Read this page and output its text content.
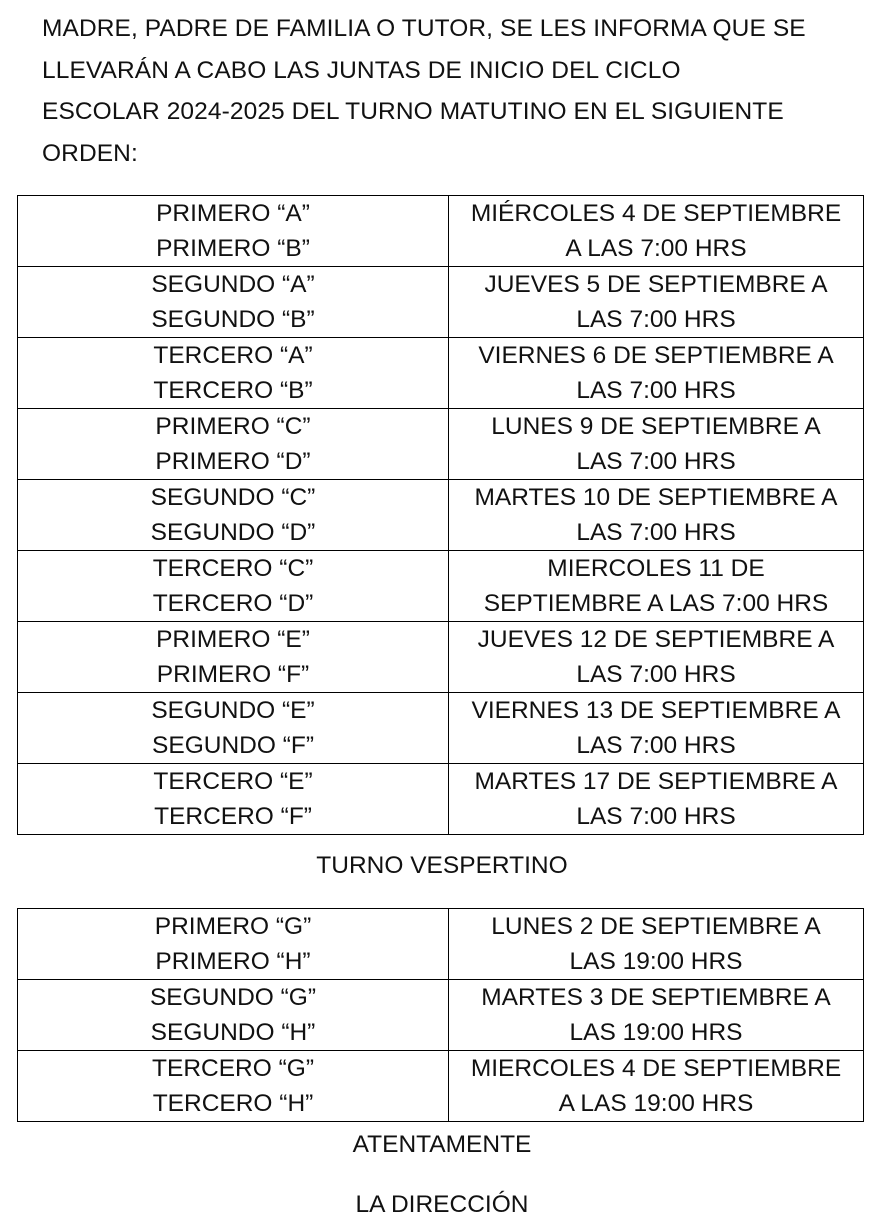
MADRE, PADRE DE FAMILIA O TUTOR, SE LES INFORMA QUE SE
LLEVARÁN A CABO LAS JUNTAS DE INICIO DEL CICLO
ESCOLAR 2024-2025 DEL TURNO MATUTINO EN EL SIGUIENTE
ORDEN:

PRIMERO “A”
PRIMERO “B”	MIÉRCOLES 4 DE SEPTIEMBRE
A LAS 7:00 HRS

SEGUNDO “A”
SEGUNDO “B”	JUEVES 5 DE SEPTIEMBRE A
LAS 7:00 HRS

TERCERO “A”
TERCERO “B”	VIERNES 6 DE SEPTIEMBRE A
LAS 7:00 HRS

PRIMERO “C”
PRIMERO “D”	LUNES 9 DE SEPTIEMBRE A
LAS 7:00 HRS

SEGUNDO “C”
SEGUNDO “D”	MARTES 10 DE SEPTIEMBRE A
LAS 7:00 HRS

TERCERO “C”
TERCERO “D”	MIERCOLES 11 DE
SEPTIEMBRE A LAS 7:00 HRS

PRIMERO “E”
PRIMERO “F”	JUEVES 12 DE SEPTIEMBRE A
LAS 7:00 HRS

SEGUNDO “E”
SEGUNDO “F”	VIERNES 13 DE SEPTIEMBRE A
LAS 7:00 HRS

TERCERO “E”
TERCERO “F”	MARTES 17 DE SEPTIEMBRE A
LAS 7:00 HRS

TURNO VESPERTINO

PRIMERO “G”
PRIMERO “H”	LUNES 2 DE SEPTIEMBRE A
LAS 19:00 HRS

SEGUNDO “G”
SEGUNDO “H”	MARTES 3 DE SEPTIEMBRE A
LAS 19:00 HRS

TERCERO “G”
TERCERO “H”	MIERCOLES 4 DE SEPTIEMBRE
A LAS 19:00 HRS

ATENTAMENTE

LA DIRECCIÓN
